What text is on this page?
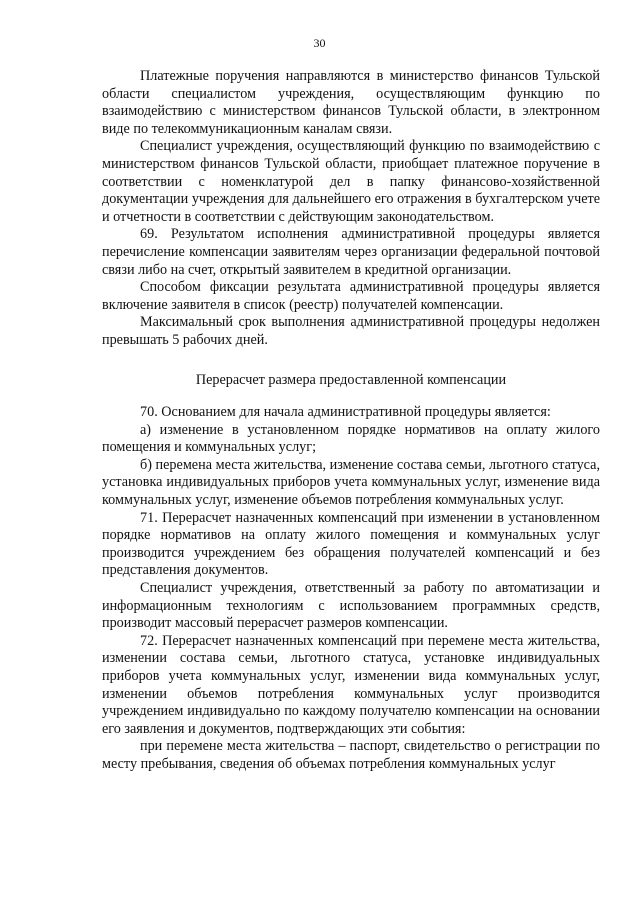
30

Платежные поручения направляются в министерство финансов Тульской области специалистом учреждения, осуществляющим функцию по взаимодействию с министерством финансов Тульской области, в электронном виде по телекоммуникационным каналам связи.

Специалист учреждения, осуществляющий функцию по взаимодействию с министерством финансов Тульской области, приобщает платежное поручение в соответствии с номенклатурой дел в папку финансово-хозяйственной документации учреждения для дальнейшего его отражения в бухгалтерском учете и отчетности в соответствии с действующим законодательством.

69. Результатом исполнения административной процедуры является перечисление компенсации заявителям через организации федеральной почтовой связи либо на счет, открытый заявителем в кредитной организации.

Способом фиксации результата административной процедуры является включение заявителя в список (реестр) получателей компенсации.

Максимальный срок выполнения административной процедуры недолжен превышать 5 рабочих дней.

Перерасчет размера предоставленной компенсации

70. Основанием для начала административной процедуры является:

а) изменение в установленном порядке нормативов на оплату жилого помещения и коммунальных услуг;

б) перемена места жительства, изменение состава семьи, льготного статуса, установка индивидуальных приборов учета коммунальных услуг, изменение вида коммунальных услуг, изменение объемов потребления коммунальных услуг.

71. Перерасчет назначенных компенсаций при изменении в установленном порядке нормативов на оплату жилого помещения и коммунальных услуг производится учреждением без обращения получателей компенсаций и без представления документов.

Специалист учреждения, ответственный за работу по автоматизации и информационным технологиям с использованием программных средств, производит массовый перерасчет размеров компенсации.

72. Перерасчет назначенных компенсаций при перемене места жительства, изменении состава семьи, льготного статуса, установке индивидуальных приборов учета коммунальных услуг, изменении вида коммунальных услуг, изменении объемов потребления коммунальных услуг производится учреждением индивидуально по каждому получателю компенсации на основании его заявления и документов, подтверждающих эти события:

при перемене места жительства – паспорт, свидетельство о регистрации по месту пребывания, сведения об объемах потребления коммунальных услуг
